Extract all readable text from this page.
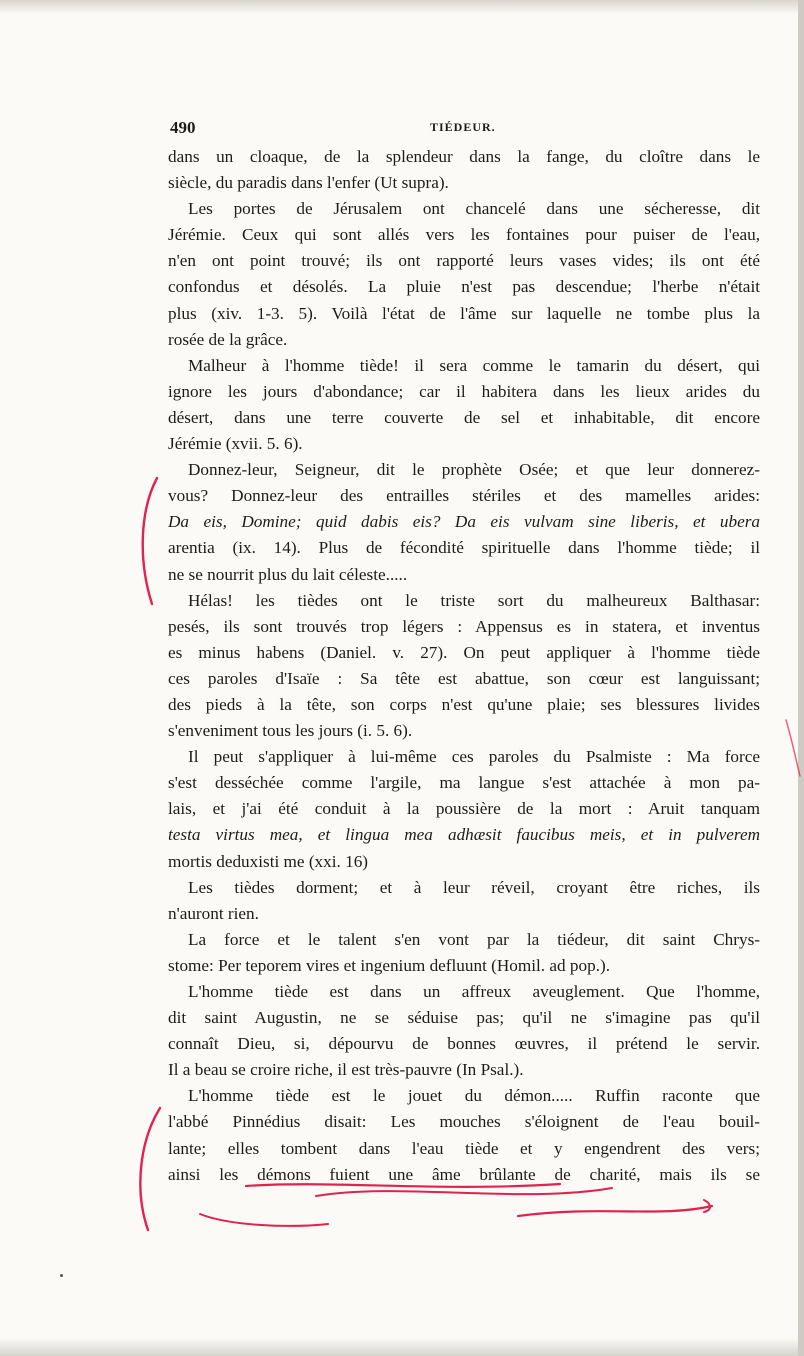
490	TIÉDEUR.
dans un cloaque, de la splendeur dans la fange, du cloître dans le
siècle, du paradis dans l'enfer (Ut supra).
Les portes de Jérusalem ont chancelé dans une sécheresse, dit
Jérémie. Ceux qui sont allés vers les fontaines pour puiser de l'eau,
n'en ont point trouvé; ils ont rapporté leurs vases vides; ils ont été
confondus et désolés. La pluie n'est pas descendue; l'herbe n'était
plus (xiv. 1-3. 5). Voilà l'état de l'âme sur laquelle ne tombe plus la
rosée de la grâce.
Malheur à l'homme tiède! il sera comme le tamarin du désert, qui
ignore les jours d'abondance; car il habitera dans les lieux arides du
désert, dans une terre couverte de sel et inhabitable, dit encore
Jérémie (xvii. 5. 6).
Donnez-leur, Seigneur, dit le prophète Osée; et que leur donnerez-
vous? Donnez-leur des entrailles stériles et des mamelles arides:
Da eis, Domine; quid dabis eis? Da eis vulvam sine liberis, et ubera
arentia (ix. 14). Plus de fécondité spirituelle dans l'homme tiède; il
ne se nourrit plus du lait céleste.....
Hélas! les tièdes ont le triste sort du malheureux Balthasar:
pesés, ils sont trouvés trop légers : Appensus es in statera, et inventus
es minus habens (Daniel. v. 27). On peut appliquer à l'homme tiède
ces paroles d'Isaïe : Sa tête est abattue, son cœur est languissant;
des pieds à la tête, son corps n'est qu'une plaie; ses blessures livides
s'enveniment tous les jours (i. 5. 6).
Il peut s'appliquer à lui-même ces paroles du Psalmiste : Ma force
s'est desséchée comme l'argile, ma langue s'est attachée à mon pa-
lais, et j'ai été conduit à la poussière de la mort : Aruit tanquam
testa virtus mea, et lingua mea adhæsit faucibus meis, et in pulverem
mortis deduxisti me (xxi. 16)
Les tièdes dorment; et à leur réveil, croyant être riches, ils
n'auront rien.
La force et le talent s'en vont par la tiédeur, dit saint Chrys-
stome: Per teporem vires et ingenium defluunt (Homil. ad pop.).
L'homme tiède est dans un affreux aveuglement. Que l'homme,
dit saint Augustin, ne se séduise pas; qu'il ne s'imagine pas qu'il
connaît Dieu, si, dépourvu de bonnes œuvres, il prétend le servir.
Il a beau se croire riche, il est très-pauvre (In Psal.).
L'homme tiède est le jouet du démon..... Ruffin raconte que
l'abbé Pinnédius disait: Les mouches s'éloignent de l'eau bouil-
lante; elles tombent dans l'eau tiède et y engendrent des vers;
ainsi les démons fuient une âme brûlante de charité, mais ils se
